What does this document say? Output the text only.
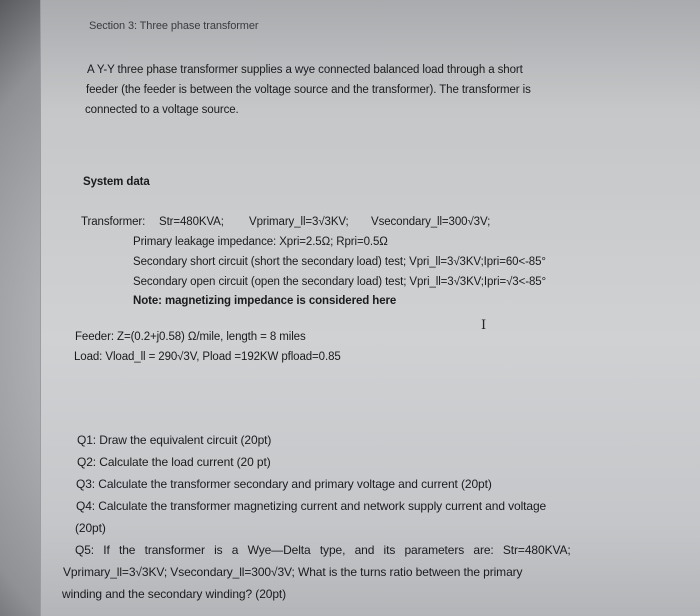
Section 3: Three phase transformer
A Y-Y three phase transformer supplies a wye connected balanced load through a short
feeder (the feeder is between the voltage source and the transformer). The transformer is
connected to a voltage source.
System data
Transformer: Str=480KVA; Vprimary_ll=3√3KV; Vsecondary_ll=300√3V;
Primary leakage impedance: Xpri=2.5Ω; Rpri=0.5Ω
Secondary short circuit (short the secondary load) test; Vpri_ll=3√3KV;Ipri=60<-85°
Secondary open circuit (open the secondary load) test; Vpri_ll=3√3KV;Ipri=√3<-85°
Note: magnetizing impedance is considered here
I
Feeder: Z=(0.2+j0.58) Ω/mile, length = 8 miles
Load: Vload_ll = 290√3V, Pload =192KW pfload=0.85
Q1: Draw the equivalent circuit (20pt)
Q2: Calculate the load current (20 pt)
Q3: Calculate the transformer secondary and primary voltage and current (20pt)
Q4: Calculate the transformer magnetizing current and network supply current and voltage
(20pt)
Q5: If the transformer is a Wye—Delta type, and its parameters are: Str=480KVA;
Vprimary_ll=3√3KV; Vsecondary_ll=300√3V; What is the turns ratio between the primary
winding and the secondary winding? (20pt)
